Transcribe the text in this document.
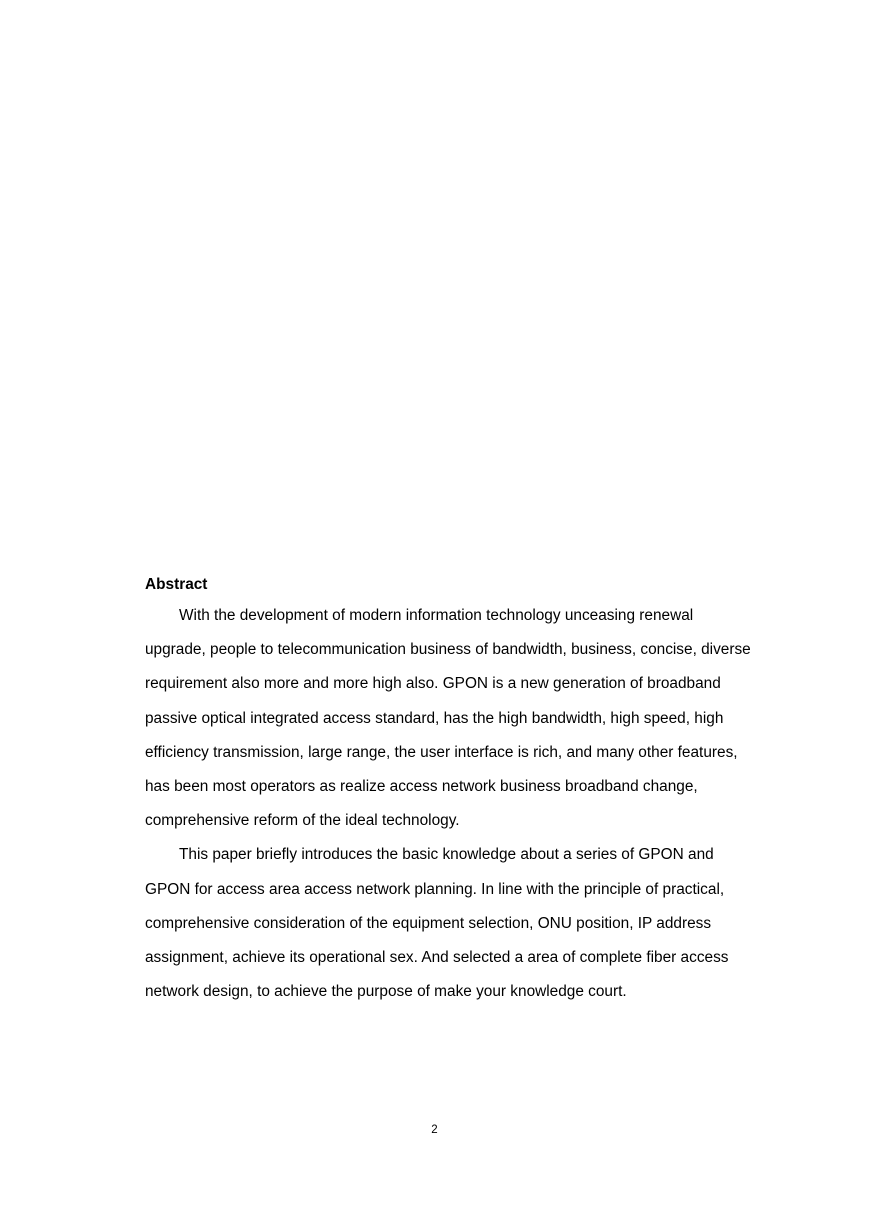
Abstract

With the development of modern information technology unceasing renewal upgrade, people to telecommunication business of bandwidth, business, concise, diverse requirement also more and more high also. GPON is a new generation of broadband passive optical integrated access standard, has the high bandwidth, high speed, high efficiency transmission, large range, the user interface is rich, and many other features, has been most operators as realize access network business broadband change, comprehensive reform of the ideal technology.

This paper briefly introduces the basic knowledge about a series of GPON and GPON for access area access network planning. In line with the principle of practical, comprehensive consideration of the equipment selection, ONU position, IP address assignment, achieve its operational sex. And selected a area of complete fiber access network design, to achieve the purpose of make your knowledge court.

2
